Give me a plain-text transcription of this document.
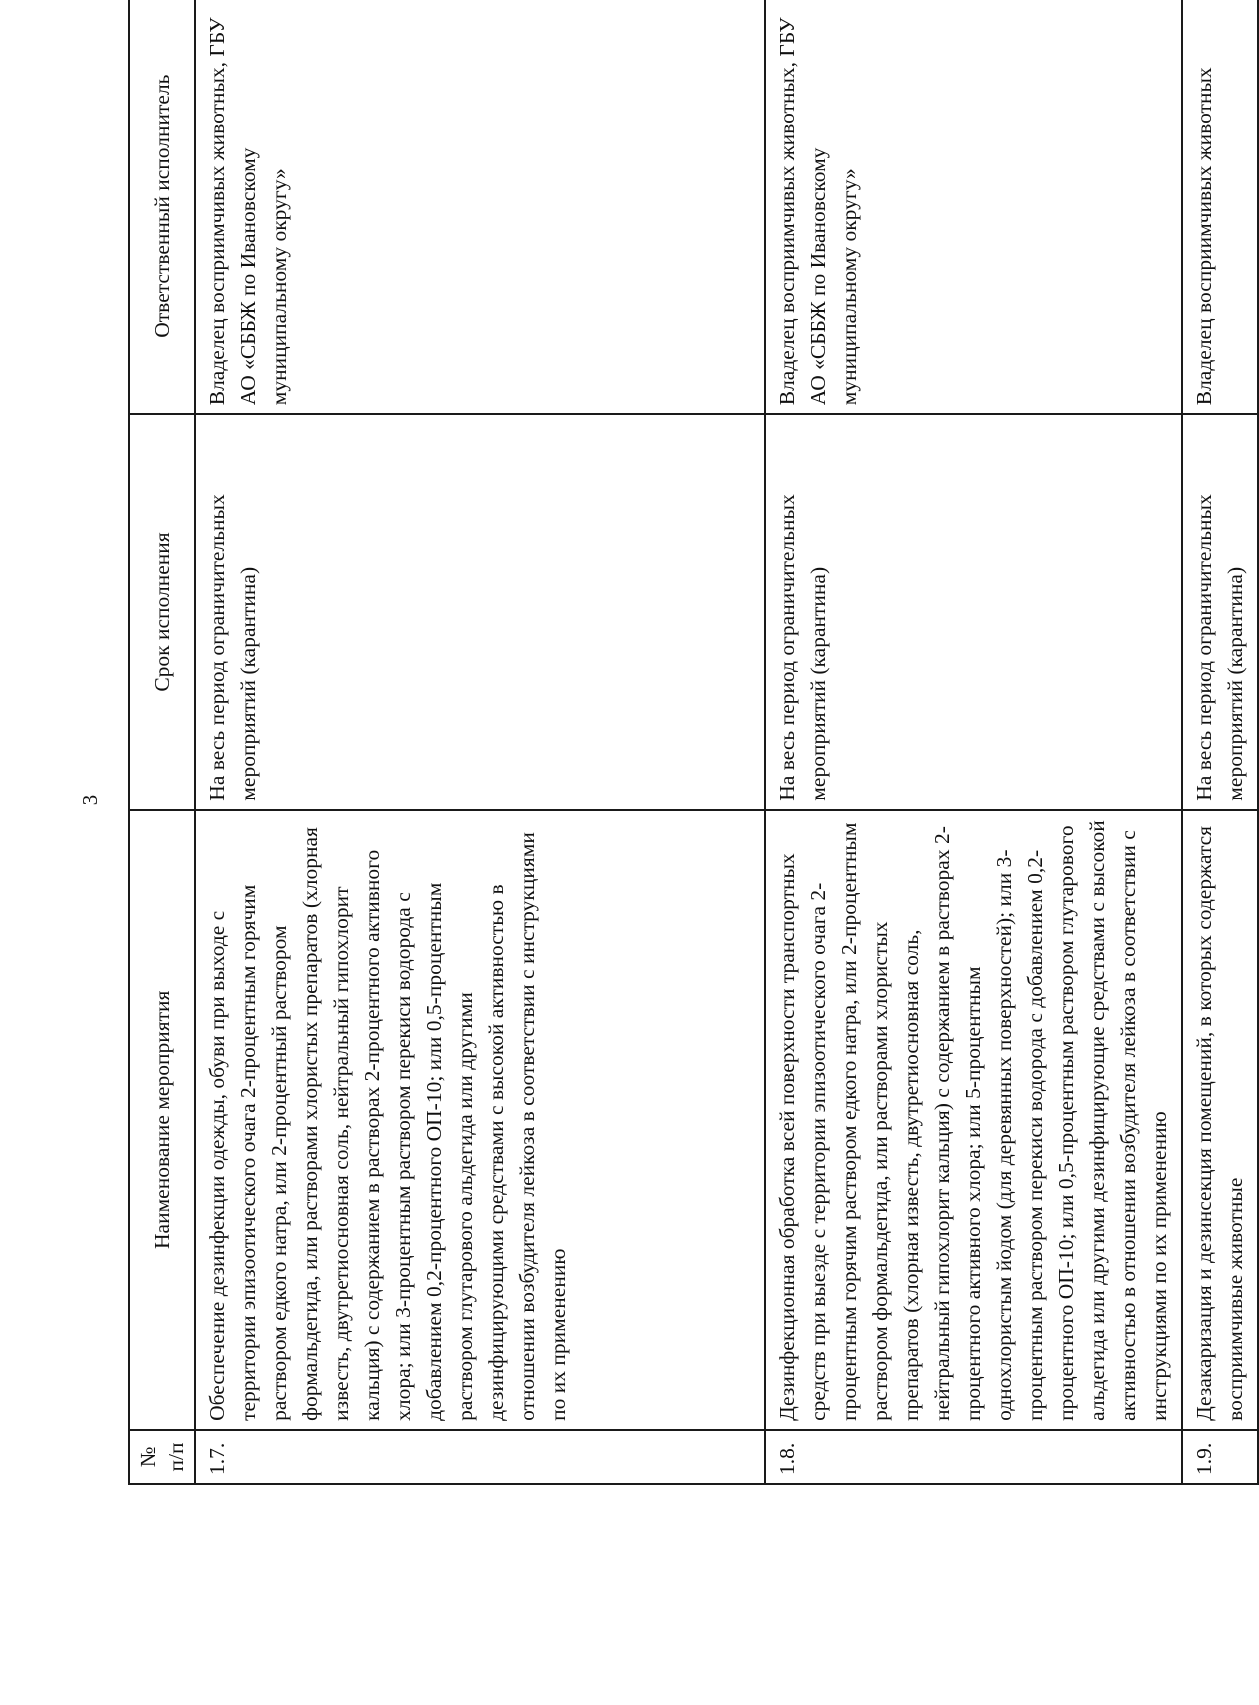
3
№ п/п	Наименование мероприятия	Срок исполнения	Ответственный исполнитель
1.7.	Обеспечение дезинфекции одежды, обуви при выходе с территории эпизоотического очага 2-процентным горячим раствором едкого натра, или 2-процентный раствором формальдегида, или растворами хлористых препаратов (хлорная известь, двутретиосновная соль, нейтральный гипохлорит кальция) с содержанием в растворах 2-процентного активного хлора; или 3-процентным раствором перекиси водорода с добавлением 0,2-процентного ОП-10; или 0,5-процентным раствором глутарового альдегида или другими дезинфицирующими средствами с высокой активностью в отношении возбудителя лейкоза в соответствии с инструкциями по их применению	На весь период ограничительных мероприятий (карантина)	Владелец восприимчивых животных, ГБУ АО «СББЖ по Ивановскому муниципальному округу»
1.8.	Дезинфекционная обработка всей поверхности транспортных средств при выезде с территории эпизоотического очага 2-процентным горячим раствором едкого натра, или 2-процентным раствором формальдегида, или растворами хлористых препаратов (хлорная известь, двутретиосновная соль, нейтральный гипохлорит кальция) с содержанием в растворах 2-процентного активного хлора; или 5-процентным однохлористым йодом (для деревянных поверхностей); или 3-процентным раствором перекиси водорода с добавлением 0,2-процентного ОП-10; или 0,5-процентным раствором глутарового альдегида или другими дезинфицирующие средствами с высокой активностью в отношении возбудителя лейкоза в соответствии с инструкциями по их применению	На весь период ограничительных мероприятий (карантина)	Владелец восприимчивых животных, ГБУ АО «СББЖ по Ивановскому муниципальному округу»
1.9.	Дезакаризация и дезинсекция помещений, в которых содержатся восприимчивые животные	На весь период ограничительных мероприятий (карантина)	Владелец восприимчивых животных
